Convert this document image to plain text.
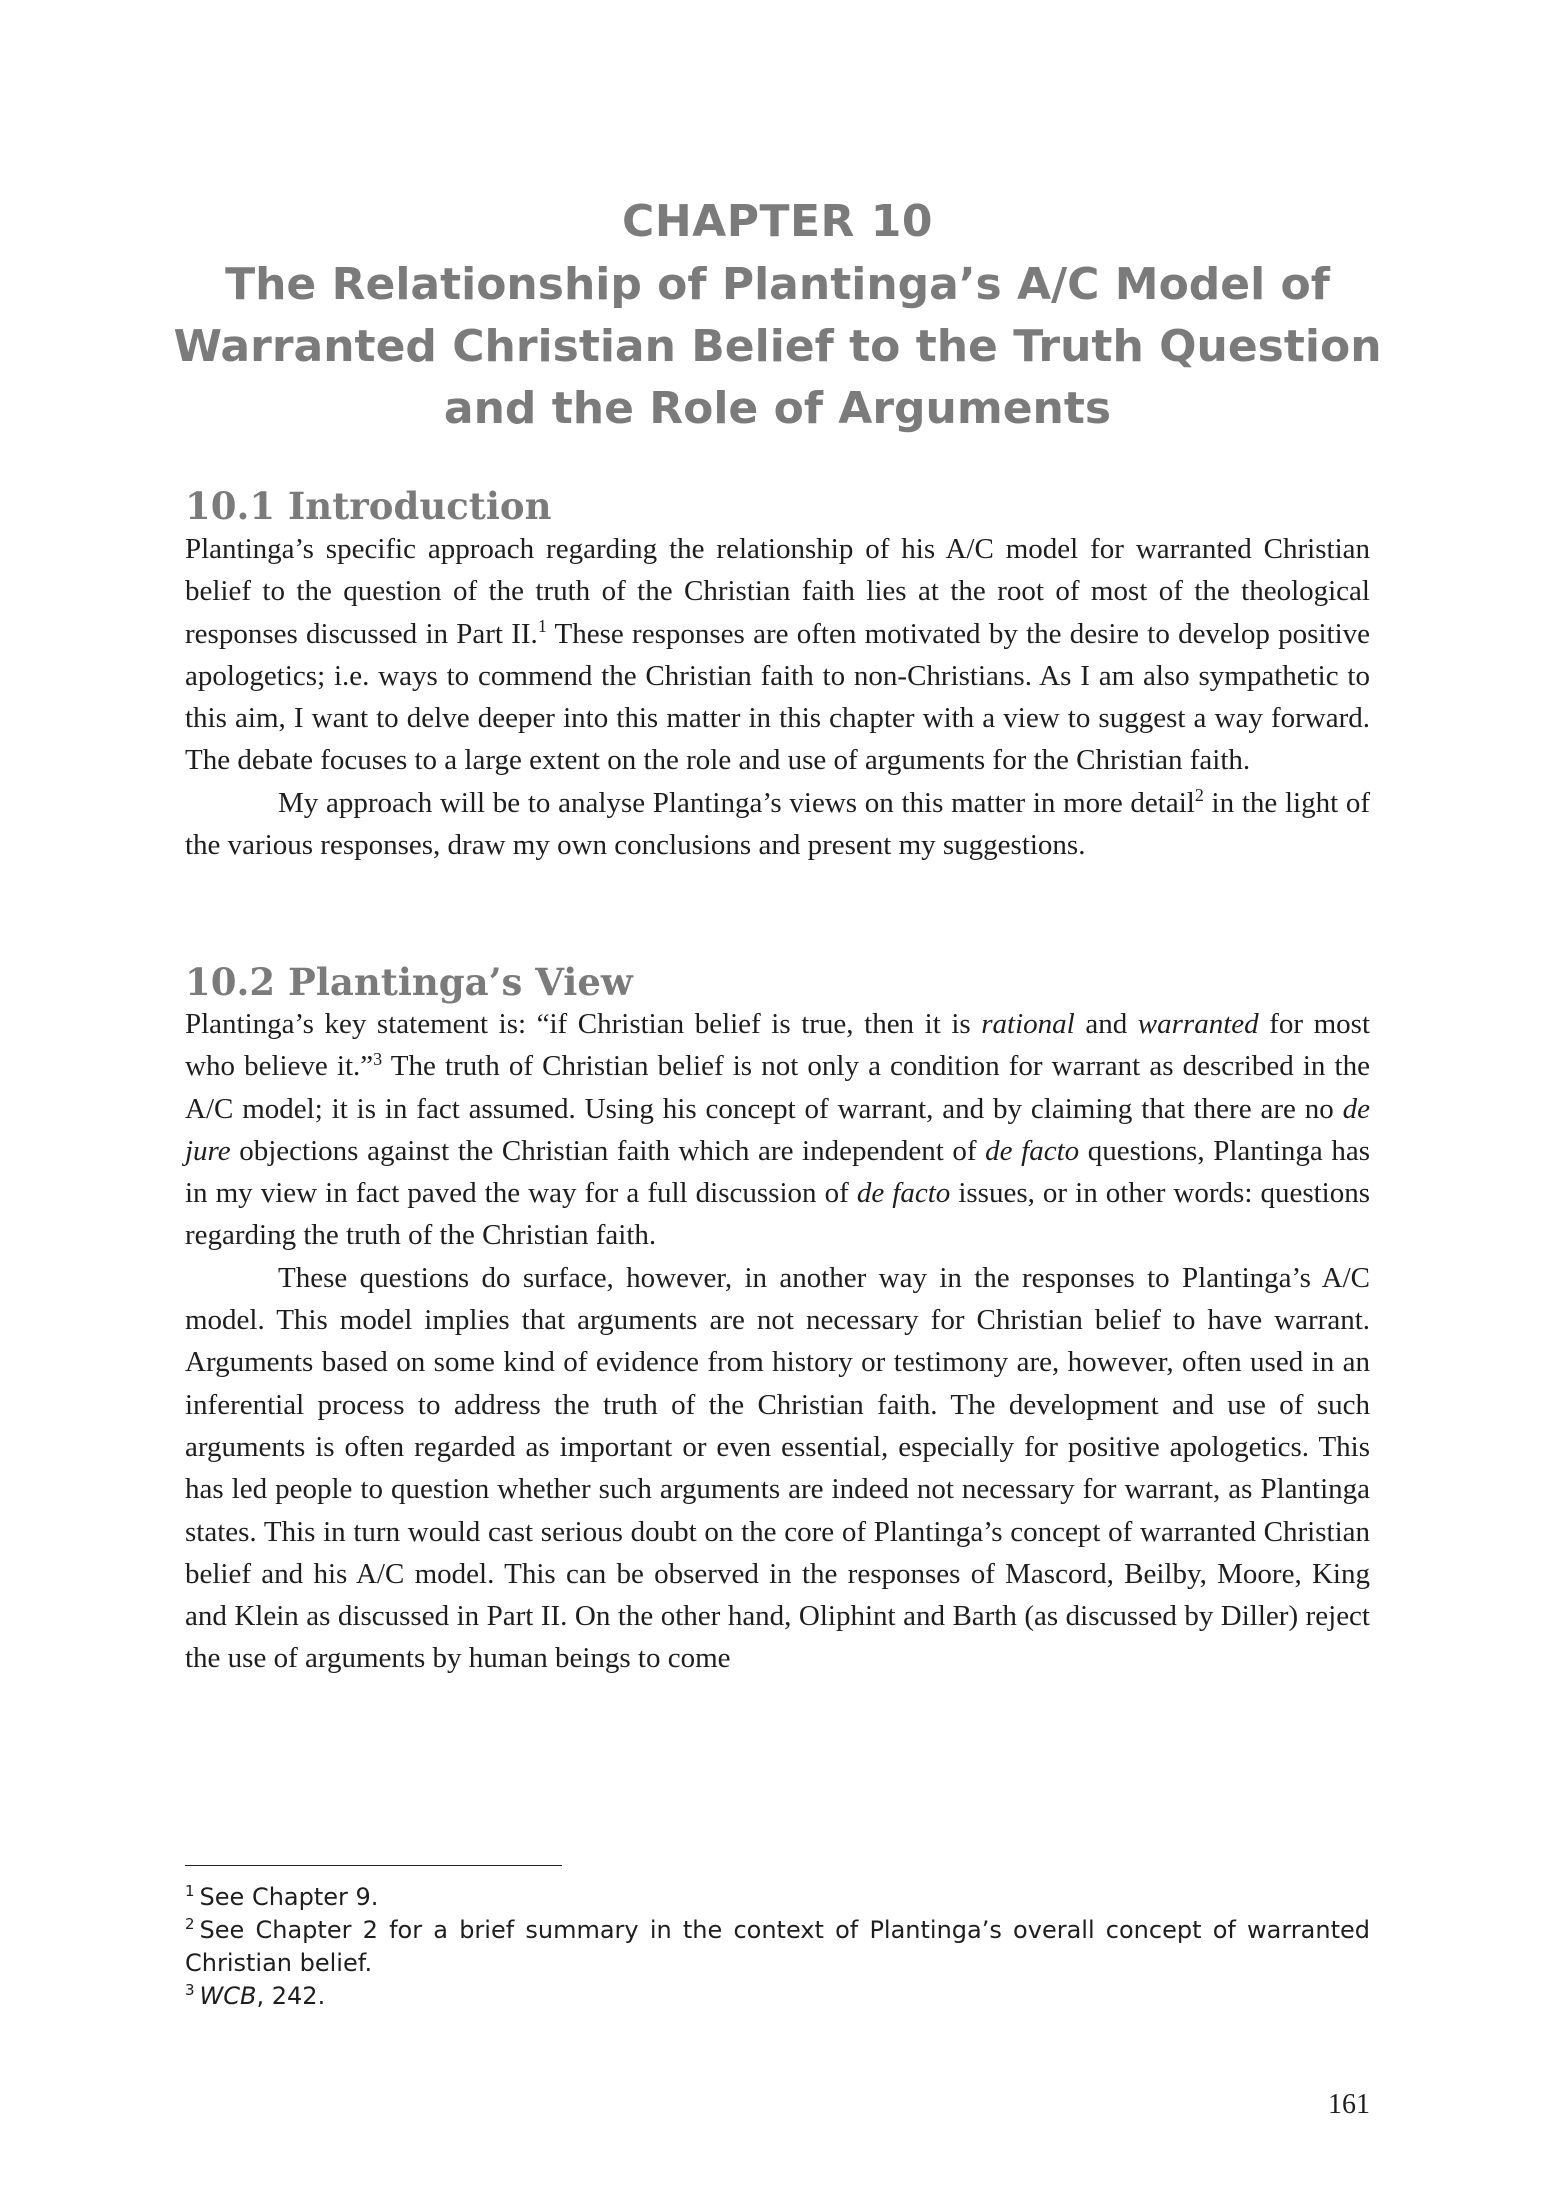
CHAPTER 10
The Relationship of Plantinga’s A/C Model of
Warranted Christian Belief to the Truth Question
and the Role of Arguments
10.1 Introduction

Plantinga’s specific approach regarding the relationship of his A/C model for warranted Christian belief to the question of the truth of the Christian faith lies at the root of most of the theological responses discussed in Part II.$^1$ These responses are often motivated by the desire to develop positive apologetics; i.e. ways to commend the Christian faith to non-Christians. As I am also sympathetic to this aim, I want to delve deeper into this matter in this chapter with a view to suggest a way forward. The debate focuses to a large extent on the role and use of arguments for the Christian faith.

My approach will be to analyse Plantinga’s views on this matter in more detail$^2$ in the light of the various responses, draw my own conclusions and present my suggestions.

10.2 Plantinga’s View

Plantinga’s key statement is: “if Christian belief is true, then it is rational and warranted for most who believe it.”$^3$ The truth of Christian belief is not only a condition for warrant as described in the A/C model; it is in fact assumed. Using his concept of warrant, and by claiming that there are no de jure objections against the Christian faith which are independent of de facto questions, Plantinga has in my view in fact paved the way for a full discussion of de facto issues, or in other words: questions regarding the truth of the Christian faith.

These questions do surface, however, in another way in the responses to Plantinga’s A/C model. This model implies that arguments are not necessary for Christian belief to have warrant. Arguments based on some kind of evidence from history or testimony are, however, often used in an inferential process to address the truth of the Christian faith. The development and use of such arguments is often regarded as important or even essential, especially for positive apologetics. This has led people to question whether such arguments are indeed not necessary for warrant, as Plantinga states. This in turn would cast serious doubt on the core of Plantinga’s concept of warranted Christian belief and his A/C model. This can be observed in the responses of Mascord, Beilby, Moore, King and Klein as discussed in Part II. On the other hand, Oliphint and Barth (as discussed by Diller) reject the use of arguments by human beings to come

$^1$ See Chapter 9.

$^2$ See Chapter 2 for a brief summary in the context of Plantinga’s overall concept of warranted Christian belief.

$^3$ WCB, 242.

161
